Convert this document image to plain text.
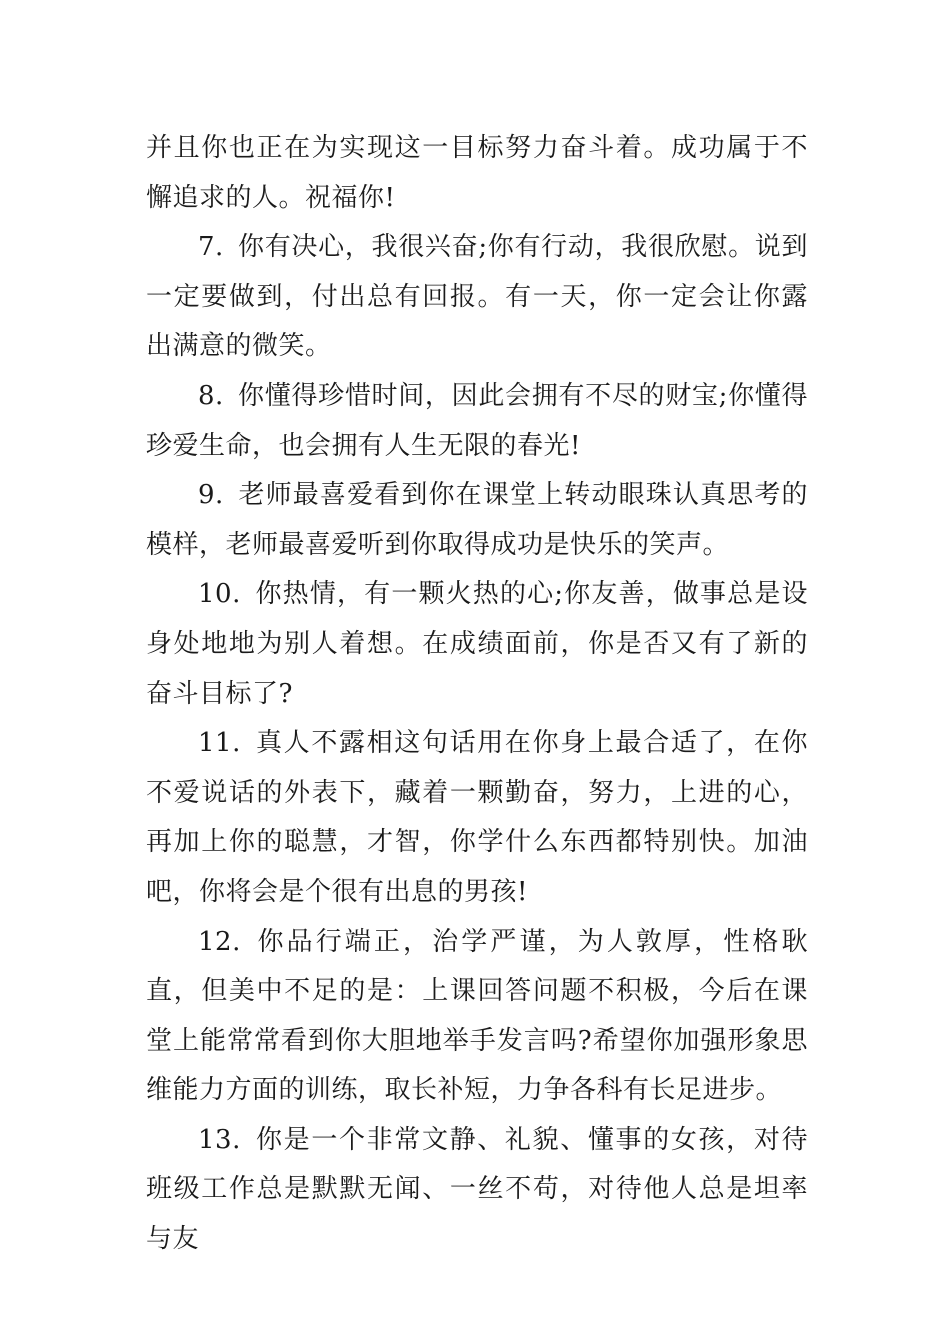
并且你也正在为实现这一目标努力奋斗着。成功属于不懈追求的人。祝福你!

7. 你有决心，我很兴奋;你有行动，我很欣慰。说到一定要做到，付出总有回报。有一天，你一定会让你露出满意的微笑。

8. 你懂得珍惜时间，因此会拥有不尽的财宝;你懂得珍爱生命，也会拥有人生无限的春光!

9. 老师最喜爱看到你在课堂上转动眼珠认真思考的模样，老师最喜爱听到你取得成功是快乐的笑声。

10. 你热情，有一颗火热的心;你友善，做事总是设身处地地为别人着想。在成绩面前，你是否又有了新的奋斗目标了?

11. 真人不露相这句话用在你身上最合适了，在你不爱说话的外表下，藏着一颗勤奋，努力，上进的心，再加上你的聪慧，才智，你学什么东西都特别快。加油吧，你将会是个很有出息的男孩!

12. 你品行端正，治学严谨，为人敦厚，性格耿直，但美中不足的是：上课回答问题不积极，今后在课堂上能常常看到你大胆地举手发言吗?希望你加强形象思维能力方面的训练，取长补短，力争各科有长足进步。

13. 你是一个非常文静、礼貌、懂事的女孩，对待班级工作总是默默无闻、一丝不苟，对待他人总是坦率与友
